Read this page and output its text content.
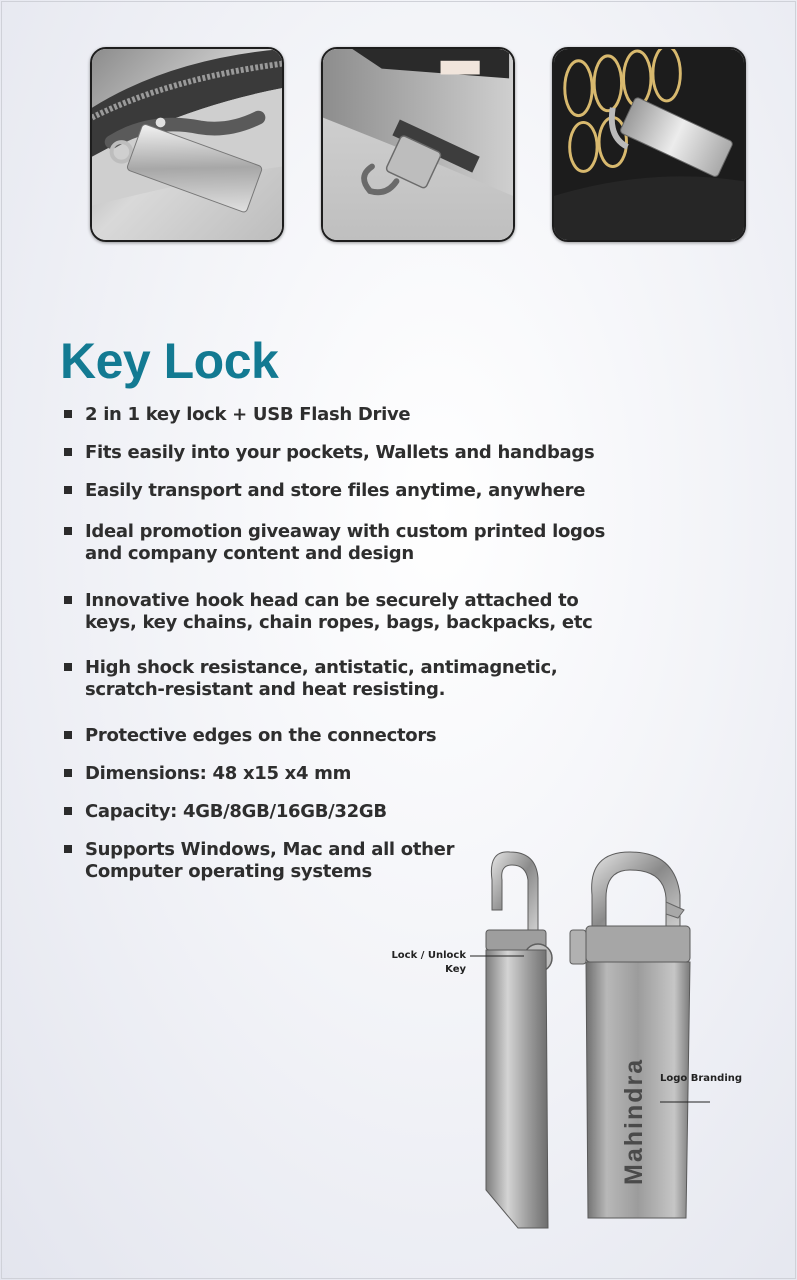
Key Lock
2 in 1 key lock + USB Flash Drive
Fits easily into your pockets, Wallets and handbags
Easily transport and store files anytime, anywhere
Ideal promotion giveaway with custom printed logos
and company content and design
Innovative hook head can be securely attached to
keys, key chains, chain ropes, bags, backpacks, etc
High shock resistance, antistatic, antimagnetic,
scratch-resistant and heat resisting.
Protective edges on the connectors
Dimensions: 48 x15 x4 mm
Capacity: 4GB/8GB/16GB/32GB
Supports Windows, Mac and all other
Computer operating systems
Mahindra
Lock / Unlock
Key
Logo Branding
